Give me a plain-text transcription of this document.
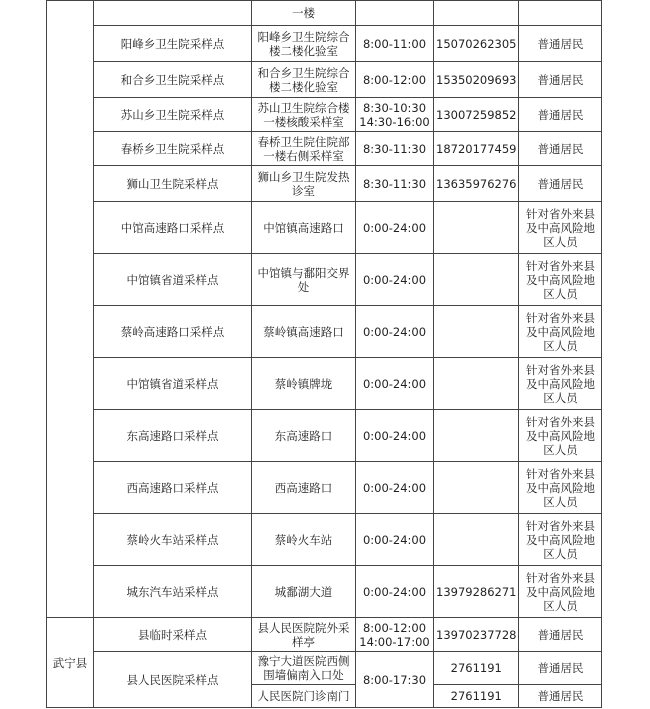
		一楼			
	阳峰乡卫生院采样点	阳峰乡卫生院综合楼二楼化验室	8:00-11:00	15070262305	普通居民
	和合乡卫生院采样点	和合乡卫生院综合楼二楼化验室	8:00-12:00	15350209693	普通居民
	苏山乡卫生院采样点	苏山卫生院综合楼一楼核酸采样室	8:30-10:30 14:30-16:00	13007259852	普通居民
	春桥乡卫生院采样点	春桥卫生院住院部一楼右侧采样室	8:30-11:30	18720177459	普通居民
	狮山卫生院采样点	狮山乡卫生院发热诊室	8:30-11:30	13635976276	普通居民
	中馆高速路口采样点	中馆镇高速路口	0:00-24:00		针对省外来县及中高风险地区人员
	中馆镇省道采样点	中馆镇与鄱阳交界处	0:00-24:00		针对省外来县及中高风险地区人员
	蔡岭高速路口采样点	蔡岭镇高速路口	0:00-24:00		针对省外来县及中高风险地区人员
	中馆镇省道采样点	蔡岭镇牌垅	0:00-24:00		针对省外来县及中高风险地区人员
	东高速路口采样点	东高速路口	0:00-24:00		针对省外来县及中高风险地区人员
	西高速路口采样点	西高速路口	0:00-24:00		针对省外来县及中高风险地区人员
	蔡岭火车站采样点	蔡岭火车站	0:00-24:00		针对省外来县及中高风险地区人员
	城东汽车站采样点	城鄱湖大道	0:00-24:00	13979286271	针对省外来县及中高风险地区人员
武宁县	县临时采样点	县人民医院院外采样亭	8:00-12:00 14:00-17:00	13970237728	普通居民
	县人民医院采样点	豫宁大道医院西侧围墙偏南入口处	8:00-17:30	2761191	普通居民
		人民医院门诊南门		2761191	普通居民
